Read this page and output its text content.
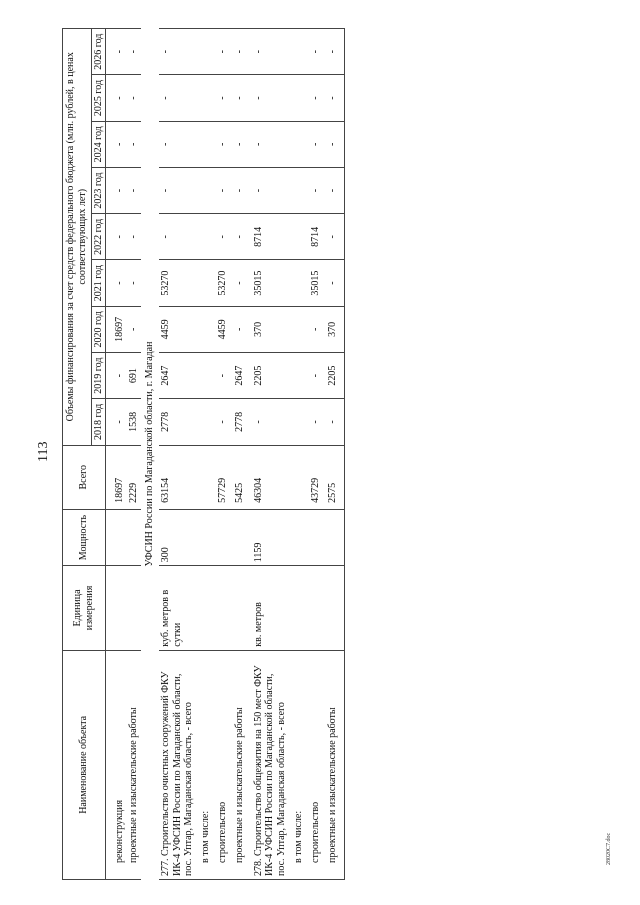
113
Наименование объекта	Единица измерения	Мощность	Всего	Объемы финансирования за счет средств федерального бюджета (млн. рублей, в ценах соответствующих лет)								
				2018 год	2019 год	2020 год	2021 год	2022 год	2023 год	2024 год	2025 год	2026 год
реконструкция			18697	-	-	18697	-	-	-	-	-	-
проектные и изыскательские работы			2229	1538	691	-	-	-	-	-	-	-
УФСИН России по Магаданской области, г. Магадан												
277. Строительство очистных сооружений ФКУ ИК-4 УФСИН России по Магаданской области, пос. Уптар, Магаданская область, - всего	куб. метров в сутки	300	63154	2778	2647	4459	53270	-	-	-	-	-
в том числе:												
строительство			57729	-	-	4459	53270	-	-	-	-	-
проектные и изыскательские работы			5425	2778	2647	-	-	-	-	-	-	-
278. Строительство общежития на 150 мест ФКУ ИК-4 УФСИН России по Магаданской области, пос. Уптар, Магаданская область, - всего	кв. метров	1159	46304	-	2205	370	35015	8714	-	-	-	-
в том числе:												
строительство			43729	-	-	-	35015	8714	-	-	-	-
проектные и изыскательские работы			2575	-	2205	370	-	-	-	-	-	-
28020C7.doc
